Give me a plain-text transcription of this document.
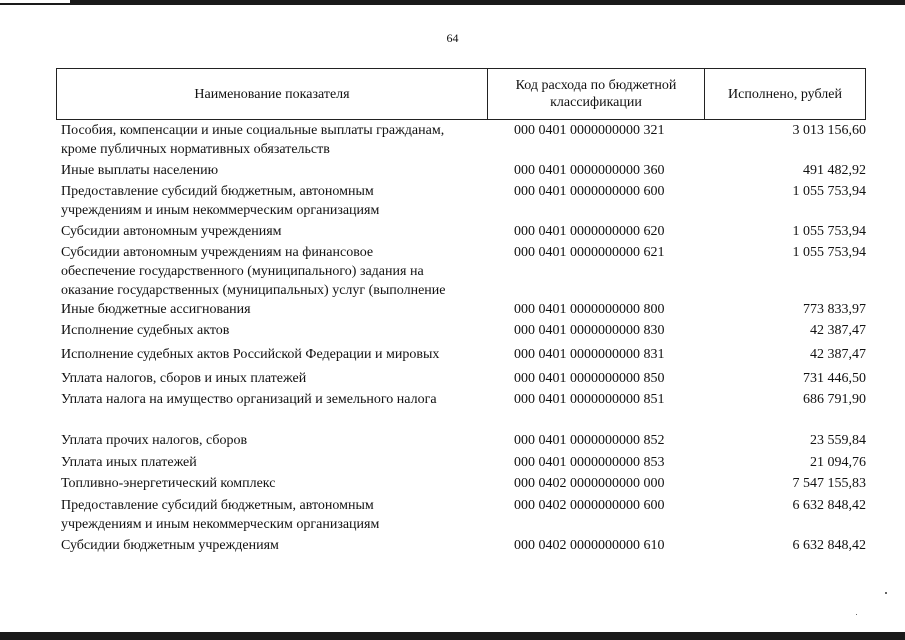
64
Наименование показателя
Код расхода по бюджетной классификации
Исполнено, рублей
Пособия, компенсации и иные социальные выплаты гражданам,
кроме публичных нормативных обязательств
000 0401 0000000000 321	3 013 156,60
Иные выплаты населению	000 0401 0000000000 360	491 482,92
Предоставление субсидий бюджетным, автономным
учреждениям и иным некоммерческим организациям
000 0401 0000000000 600	1 055 753,94
Субсидии автономным учреждениям	000 0401 0000000000 620	1 055 753,94
Субсидии автономным учреждениям на финансовое
обеспечение государственного (муниципального) задания на
оказание государственных (муниципальных) услуг (выполнение
000 0401 0000000000 621	1 055 753,94
Иные бюджетные ассигнования	000 0401 0000000000 800	773 833,97
Исполнение судебных актов	000 0401 0000000000 830	42 387,47
Исполнение судебных актов Российской Федерации и мировых	000 0401 0000000000 831	42 387,47
Уплата налогов, сборов и иных платежей	000 0401 0000000000 850	731 446,50
Уплата налога на имущество организаций и земельного налога	000 0401 0000000000 851	686 791,90
Уплата прочих налогов, сборов	000 0401 0000000000 852	23 559,84
Уплата иных платежей	000 0401 0000000000 853	21 094,76
Топливно-энергетический комплекс	000 0402 0000000000 000	7 547 155,83
Предоставление субсидий бюджетным, автономным
учреждениям и иным некоммерческим организациям
000 0402 0000000000 600	6 632 848,42
Субсидии бюджетным учреждениям	000 0402 0000000000 610	6 632 848,42
